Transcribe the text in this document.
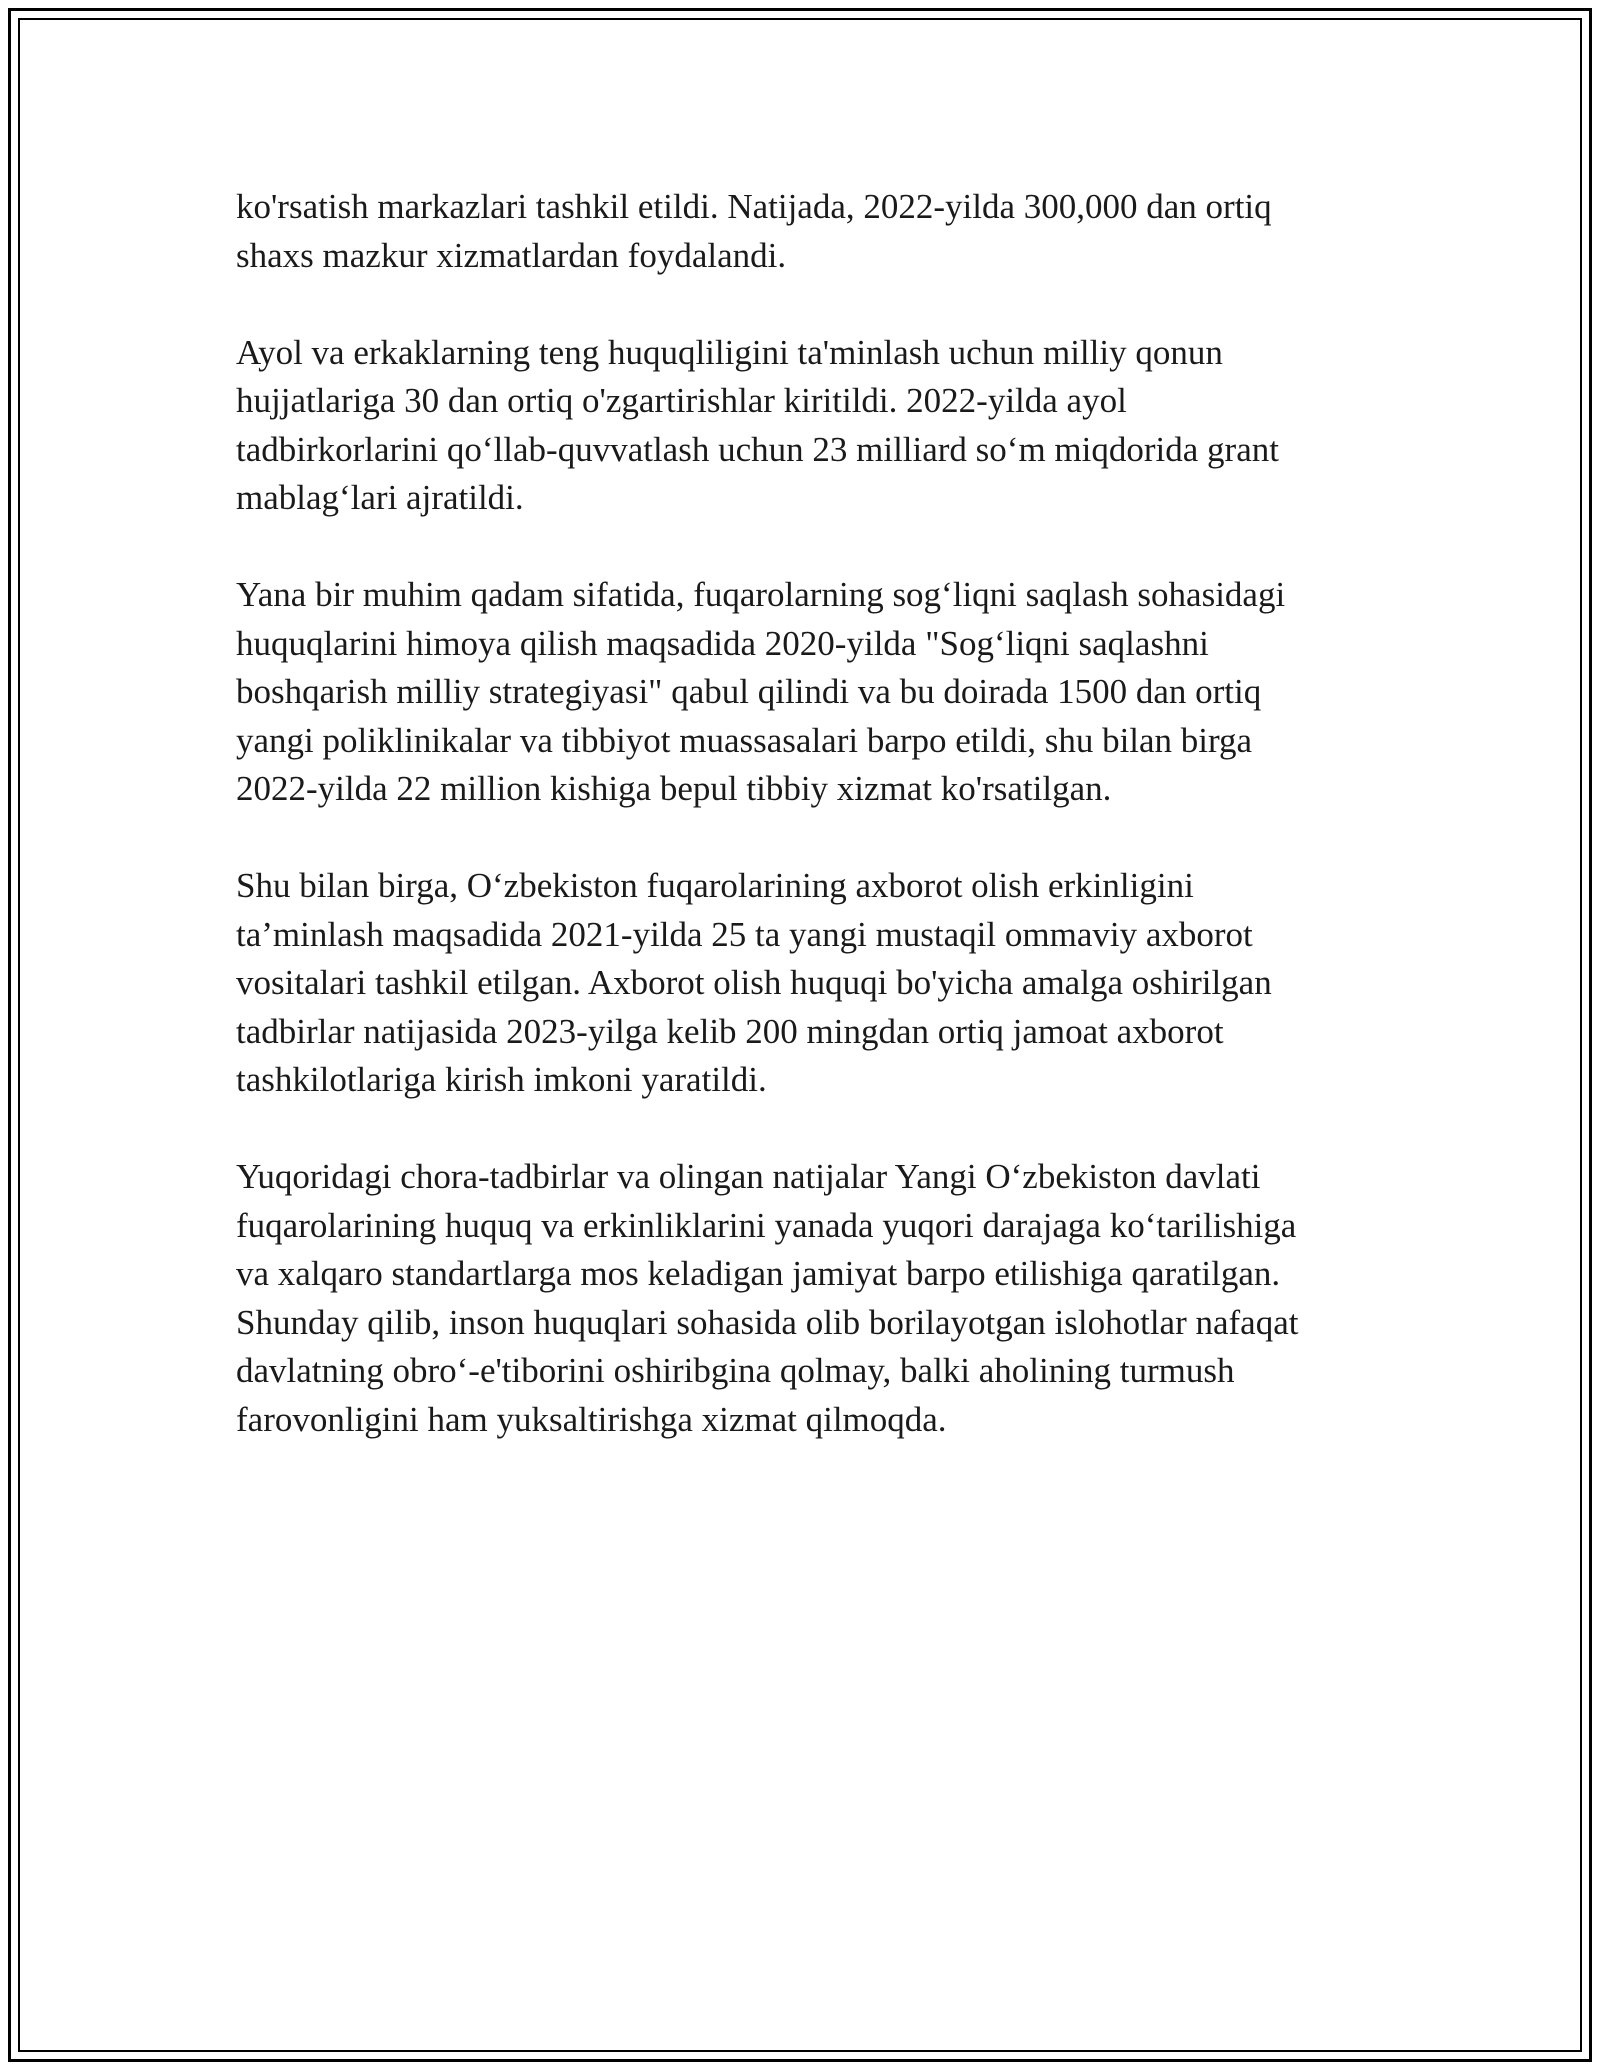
ko'rsatish markazlari tashkil etildi. Natijada, 2022-yilda 300,000 dan ortiq
shaxs mazkur xizmatlardan foydalandi.

Ayol va erkaklarning teng huquqliligini ta'minlash uchun milliy qonun
hujjatlariga 30 dan ortiq o'zgartirishlar kiritildi. 2022-yilda ayol
tadbirkorlarini qo‘llab-quvvatlash uchun 23 milliard so‘m miqdorida grant
mablag‘lari ajratildi.

Yana bir muhim qadam sifatida, fuqarolarning sog‘liqni saqlash sohasidagi
huquqlarini himoya qilish maqsadida 2020-yilda "Sog‘liqni saqlashni
boshqarish milliy strategiyasi" qabul qilindi va bu doirada 1500 dan ortiq
yangi poliklinikalar va tibbiyot muassasalari barpo etildi, shu bilan birga
2022-yilda 22 million kishiga bepul tibbiy xizmat ko'rsatilgan.

Shu bilan birga, O‘zbekiston fuqarolarining axborot olish erkinligini
ta’minlash maqsadida 2021-yilda 25 ta yangi mustaqil ommaviy axborot
vositalari tashkil etilgan. Axborot olish huquqi bo'yicha amalga oshirilgan
tadbirlar natijasida 2023-yilga kelib 200 mingdan ortiq jamoat axborot
tashkilotlariga kirish imkoni yaratildi.

Yuqoridagi chora-tadbirlar va olingan natijalar Yangi O‘zbekiston davlati
fuqarolarining huquq va erkinliklarini yanada yuqori darajaga ko‘tarilishiga
va xalqaro standartlarga mos keladigan jamiyat barpo etilishiga qaratilgan.
Shunday qilib, inson huquqlari sohasida olib borilayotgan islohotlar nafaqat
davlatning obro‘-e'tiborini oshiribgina qolmay, balki aholining turmush
farovonligini ham yuksaltirishga xizmat qilmoqda.
